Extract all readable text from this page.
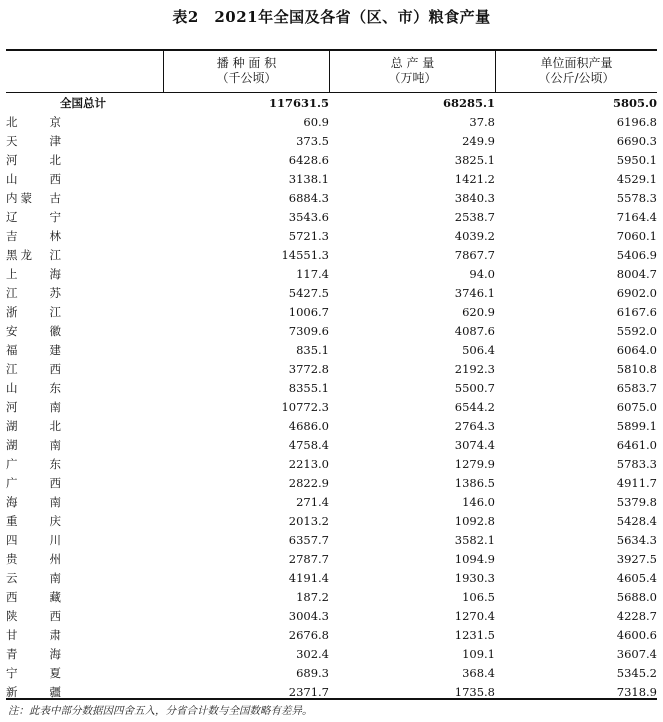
表2　2021年全国及各省（区、市）粮食产量
播 种 面 积
（千公顷）
总 产 量
（万吨）
单位面积产量
（公斤/公顷）
全国总计	117631.5	68285.1	5805.0
北　　京	60.9	37.8	6196.8
天　　津	373.5	249.9	6690.3
河　　北	6428.6	3825.1	5950.1
山　　西	3138.1	1421.2	4529.1
内蒙　古	6884.3	3840.3	5578.3
辽　　宁	3543.6	2538.7	7164.4
吉　　林	5721.3	4039.2	7060.1
黑龙　江	14551.3	7867.7	5406.9
上　　海	117.4	94.0	8004.7
江　　苏	5427.5	3746.1	6902.0
浙　　江	1006.7	620.9	6167.6
安　　徽	7309.6	4087.6	5592.0
福　　建	835.1	506.4	6064.0
江　　西	3772.8	2192.3	5810.8
山　　东	8355.1	5500.7	6583.7
河　　南	10772.3	6544.2	6075.0
湖　　北	4686.0	2764.3	5899.1
湖　　南	4758.4	3074.4	6461.0
广　　东	2213.0	1279.9	5783.3
广　　西	2822.9	1386.5	4911.7
海　　南	271.4	146.0	5379.8
重　　庆	2013.2	1092.8	5428.4
四　　川	6357.7	3582.1	5634.3
贵　　州	2787.7	1094.9	3927.5
云　　南	4191.4	1930.3	4605.4
西　　藏	187.2	106.5	5688.0
陕　　西	3004.3	1270.4	4228.7
甘　　肃	2676.8	1231.5	4600.6
青　　海	302.4	109.1	3607.4
宁　　夏	689.3	368.4	5345.2
新　　疆	2371.7	1735.8	7318.9
注：此表中部分数据因四舍五入，分省合计数与全国数略有差异。
